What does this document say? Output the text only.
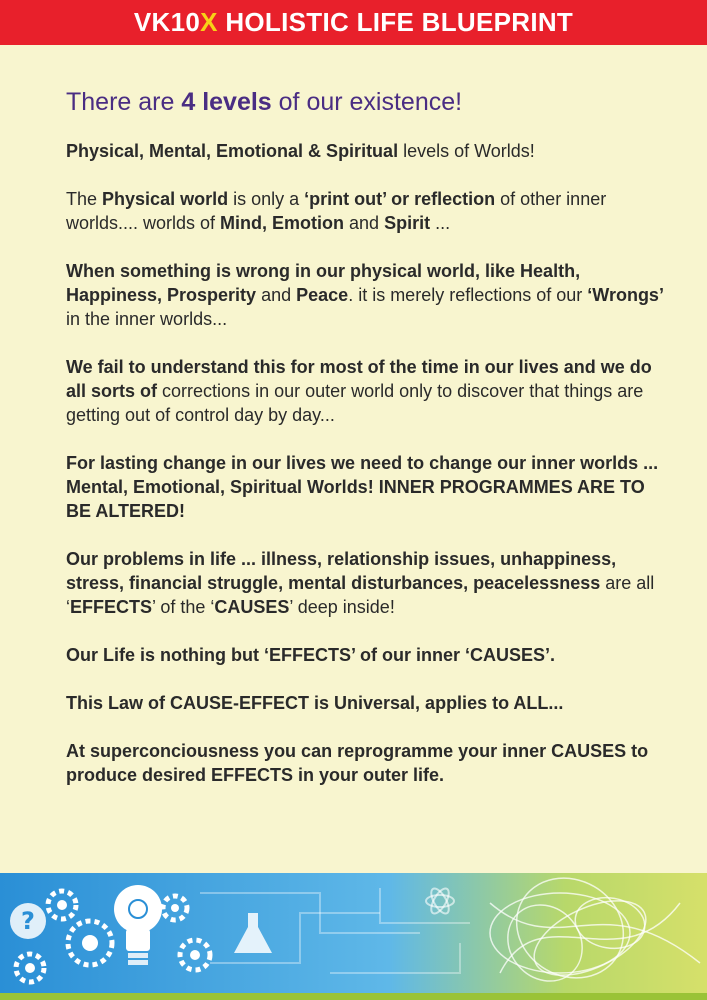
VK10X HOLISTIC LIFE BLUEPRINT
There are 4 levels of our existence!

Physical, Mental, Emotional & Spiritual levels of Worlds!

The Physical world is only a ‘print out’ or reflection of other inner worlds.... worlds of Mind, Emotion and Spirit ...

When something is wrong in our physical world, like Health, Happiness, Prosperity and Peace. it is merely reflections of our ‘Wrongs’ in the inner worlds...

We fail to understand this for most of the time in our lives and we do all sorts of corrections in our outer world only to discover that things are getting out of control day by day...

For lasting change in our lives we need to change our inner worlds ... Mental, Emotional, Spiritual Worlds! INNER PROGRAMMES ARE TO BE ALTERED!

Our problems in life ... illness, relationship issues, unhappiness, stress, financial struggle, mental disturbances, peacelessness are all ‘EFFECTS’ of the ‘CAUSES’ deep inside!

Our Life is nothing but ‘EFFECTS’ of our inner ‘CAUSES’.

This Law of CAUSE-EFFECT is Universal, applies to ALL...

At superconciousness you can reprogramme your inner CAUSES to produce desired EFFECTS in your outer life.

?
